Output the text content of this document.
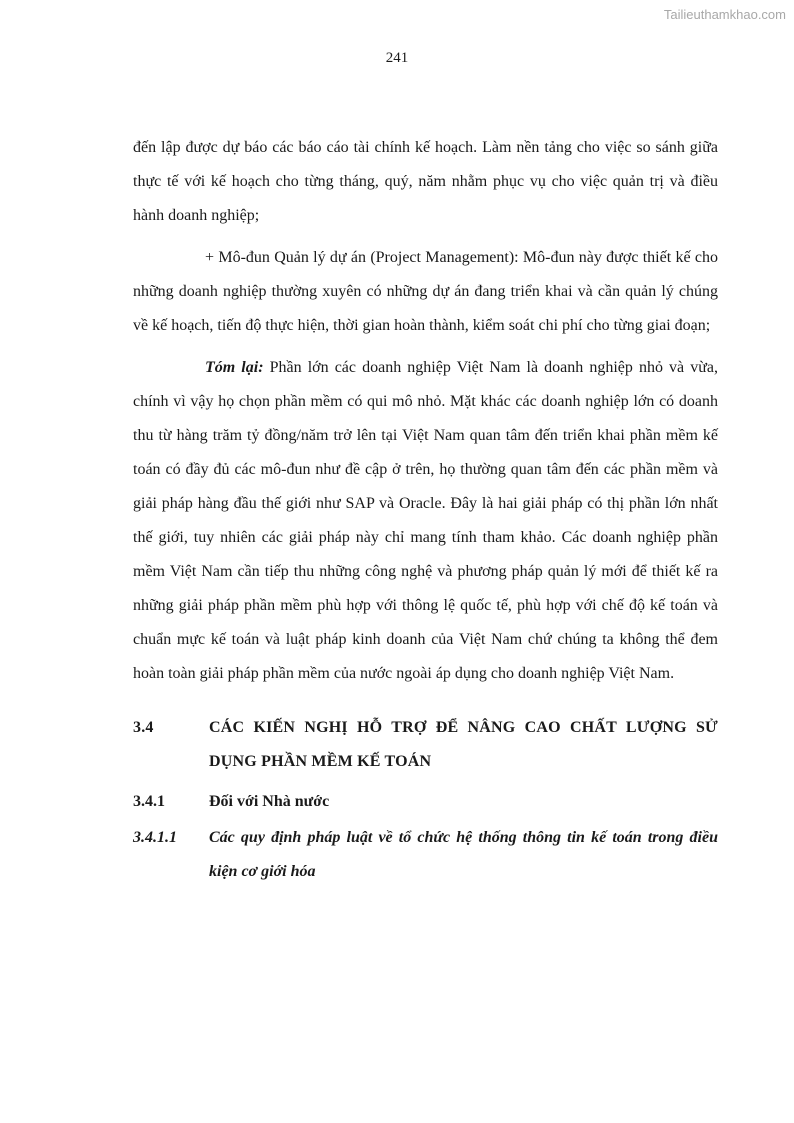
Tailieuthamkhao.com
241

đến lập được dự báo các báo cáo tài chính kế hoạch. Làm nền tảng cho việc so sánh giữa thực tế với kế hoạch cho từng tháng, quý, năm nhằm phục vụ cho việc quản trị và điều hành doanh nghiệp;

+ Mô-đun Quản lý dự án (Project Management): Mô-đun này được thiết kế cho những doanh nghiệp thường xuyên có những dự án đang triển khai và cần quản lý chúng về kế hoạch, tiến độ thực hiện, thời gian hoàn thành, kiểm soát chi phí cho từng giai đoạn;

Tóm lại: Phần lớn các doanh nghiệp Việt Nam là doanh nghiệp nhỏ và vừa, chính vì vậy họ chọn phần mềm có qui mô nhỏ. Mặt khác các doanh nghiệp lớn có doanh thu từ hàng trăm tỷ đồng/năm trở lên tại Việt Nam quan tâm đến triển khai phần mềm kế toán có đầy đủ các mô-đun như đề cập ở trên, họ thường quan tâm đến các phần mềm và giải pháp hàng đầu thế giới như SAP và Oracle. Đây là hai giải pháp có thị phần lớn nhất thế giới, tuy nhiên các giải pháp này chỉ mang tính tham khảo. Các doanh nghiệp phần mềm Việt Nam cần tiếp thu những công nghệ và phương pháp quản lý mới để thiết kế ra những giải pháp phần mềm phù hợp với thông lệ quốc tế, phù hợp với chế độ kế toán và chuẩn mực kế toán và luật pháp kinh doanh của Việt Nam chứ chúng ta không thể đem hoàn toàn giải pháp phần mềm của nước ngoài áp dụng cho doanh nghiệp Việt Nam.

3.4	CÁC KIẾN NGHỊ HỖ TRỢ ĐỂ NÂNG CAO CHẤT LƯỢNG SỬ DỤNG PHẦN MỀM KẾ TOÁN
3.4.1	Đối với Nhà nước
3.4.1.1 Các quy định pháp luật về tổ chức hệ thống thông tin kế toán trong điều kiện cơ giới hóa
